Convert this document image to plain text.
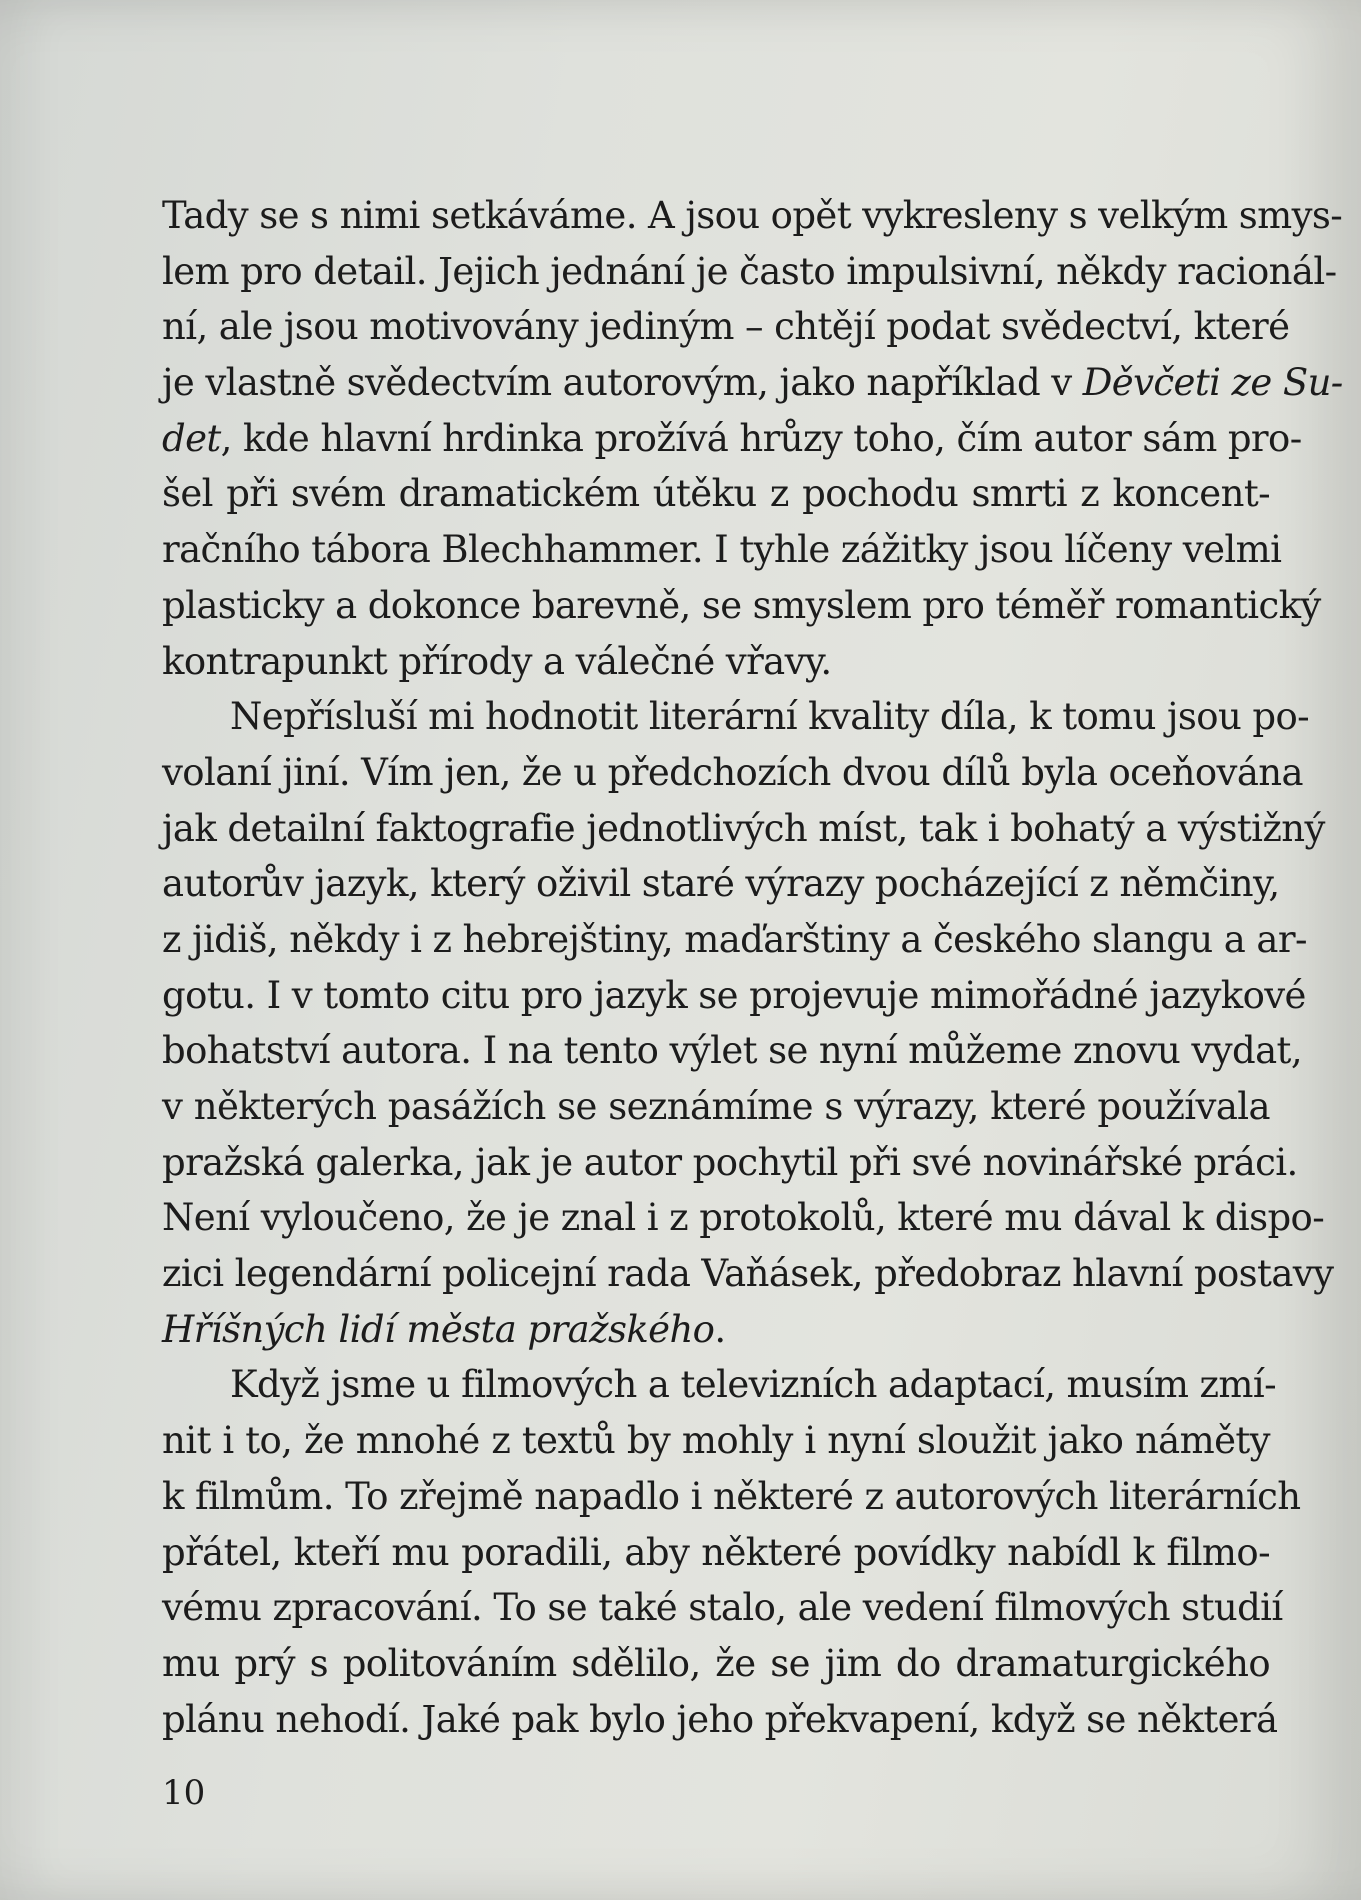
Tady se s nimi setkáváme. A jsou opět vykresleny s velkým smys-
lem pro detail. Jejich jednání je často impulsivní, někdy racionál-
ní, ale jsou motivovány jediným – chtějí podat svědectví, které
je vlastně svědectvím autorovým, jako například v Děvčeti ze Su-
det, kde hlavní hrdinka prožívá hrůzy toho, čím autor sám pro-
šel při svém dramatickém útěku z pochodu smrti z koncent-
račního tábora Blechhammer. I tyhle zážitky jsou líčeny velmi
plasticky a dokonce barevně, se smyslem pro téměř romantický
kontrapunkt přírody a válečné vřavy.
Nepřísluší mi hodnotit literární kvality díla, k tomu jsou po-
volaní jiní. Vím jen, že u předchozích dvou dílů byla oceňována
jak detailní faktografie jednotlivých míst, tak i bohatý a výstižný
autorův jazyk, který oživil staré výrazy pocházející z němčiny,
z jidiš, někdy i z hebrejštiny, maďarštiny a českého slangu a ar-
gotu. I v tomto citu pro jazyk se projevuje mimořádné jazykové
bohatství autora. I na tento výlet se nyní můžeme znovu vydat,
v některých pasážích se seznámíme s výrazy, které používala
pražská galerka, jak je autor pochytil při své novinářské práci.
Není vyloučeno, že je znal i z protokolů, které mu dával k dispo-
zici legendární policejní rada Vaňásek, předobraz hlavní postavy
Hříšných lidí města pražského.
Když jsme u filmových a televizních adaptací, musím zmí-
nit i to, že mnohé z textů by mohly i nyní sloužit jako náměty
k filmům. To zřejmě napadlo i některé z autorových literárních
přátel, kteří mu poradili, aby některé povídky nabídl k filmo-
vému zpracování. To se také stalo, ale vedení filmových studií
mu prý s politováním sdělilo, že se jim do dramaturgického
plánu nehodí. Jaké pak bylo jeho překvapení, když se některá
10
